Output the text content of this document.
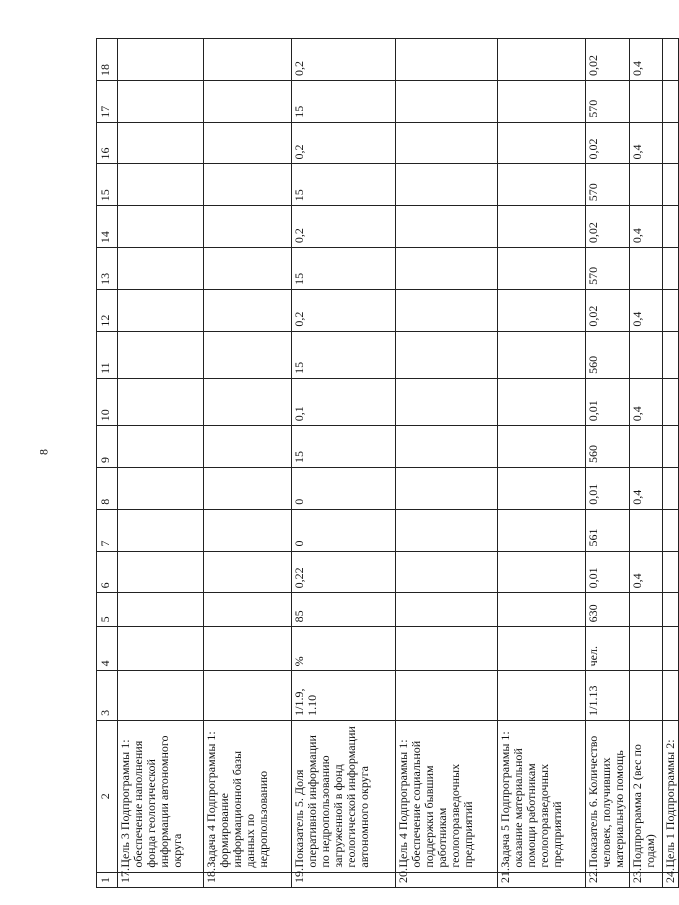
8
1	2	3	4	5	6	7	8	9	10	11	12	13	14	15	16	17	18
17.	Цель 3 Подпрограммы 1: обеспечение наполнения фонда геологической информации автономного округа																
18.	Задача 4 Подпрограммы 1: формирование информационной базы данных по недропользованию																
19.	Показатель 5. Доля оперативной информации по недропользованию загруженной в фонд геологической информации автономного округа	1/1.9, 1.10	%	85	0,22	0	0	15	0,1	15	0,2	15	0,2	15	0,2	15	0,2
20.	Цель 4 Подпрограммы 1: обеспечение социальной поддержки бывшим работникам геологоразведочных предприятий																
21.	Задача 5 Подпрограммы 1: оказание материальной помощи работникам геологоразведочных предприятий																
22.	Показатель 6. Количество человек, получивших материальную помощь	1/1.13	чел.	630	0,01	561	0,01	560	0,01	560	0,02	570	0,02	570	0,02	570	0,02
23.	Подпрограмма 2 (вес по годам)				0,4		0,4		0,4		0,4		0,4		0,4		0,4
24.	Цель 1 Подпрограммы 2:																
